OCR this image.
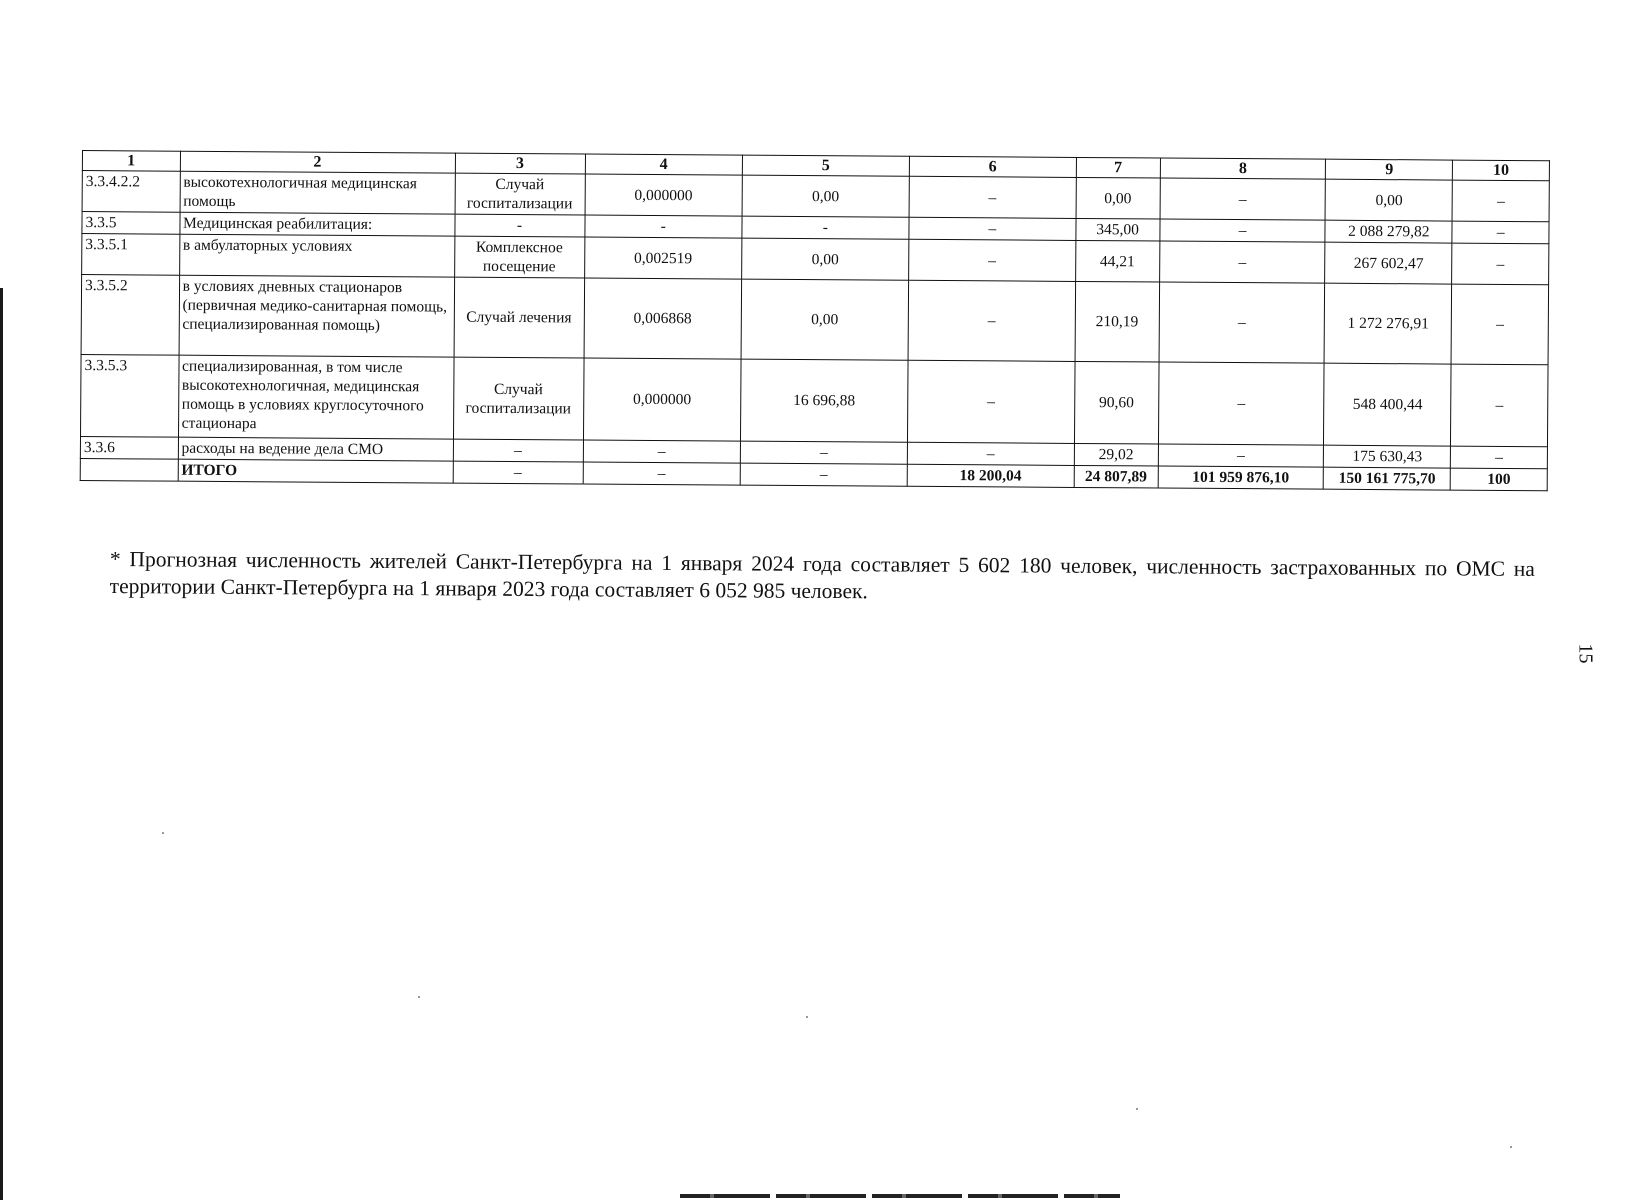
1	2	3	4	5	6	7	8	9	10
3.3.4.2.2	высокотехнологичная медицинская помощь	Случай госпитализации	0,000000	0,00	–	0,00	–	0,00	–
3.3.5	Медицинская реабилитация:	-	-	-	–	345,00	–	2 088 279,82	–
3.3.5.1	в амбулаторных условиях	Комплексное посещение	0,002519	0,00	–	44,21	–	267 602,47	–
3.3.5.2	в условиях дневных стационаров (первичная медико-санитарная помощь, специализированная помощь)	Случай лечения	0,006868	0,00	–	210,19	–	1 272 276,91	–
3.3.5.3	специализированная, в том числе высокотехнологичная, медицинская помощь в условиях круглосуточного стационара	Случай госпитализации	0,000000	16 696,88	–	90,60	–	548 400,44	–
3.3.6	расходы на ведение дела СМО	–	–	–	–	29,02	–	175 630,43	–
	ИТОГО	–	–	–	18 200,04	24 807,89	101 959 876,10	150 161 775,70	100

* Прогнозная численность жителей Санкт-Петербурга на 1 января 2024 года составляет 5 602 180 человек, численность застрахованных по ОМС на территории Санкт-Петербурга на 1 января 2023 года составляет 6 052 985 человек.

15
